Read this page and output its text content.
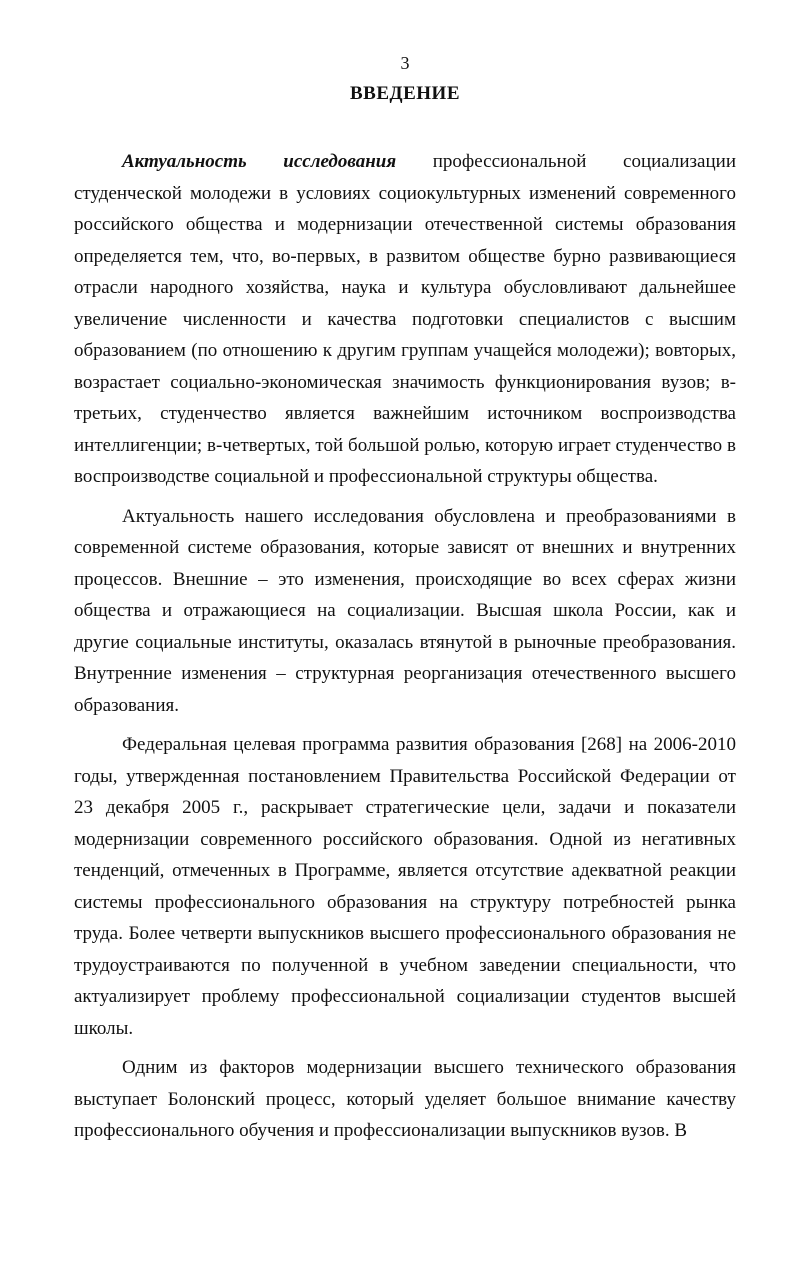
3
ВВЕДЕНИЕ

Актуальность исследования профессиональной социализации студенческой молодежи в условиях социокультурных изменений современного российского общества и модернизации отечественной системы образования определяется тем, что, во-первых, в развитом обществе бурно развивающиеся отрасли народного хозяйства, наука и культура обусловливают дальнейшее увеличение численности и качества подготовки специалистов с высшим образованием (по отношению к другим группам учащейся молодежи); вовторых, возрастает социально-экономическая значимость функционирования вузов; в-третьих, студенчество является важнейшим источником воспроизводства интеллигенции; в-четвертых, той большой ролью, которую играет студенчество в воспроизводстве социальной и профессиональной структуры общества.

Актуальность нашего исследования обусловлена и преобразованиями в современной системе образования, которые зависят от внешних и внутренних процессов. Внешние – это изменения, происходящие во всех сферах жизни общества и отражающиеся на социализации. Высшая школа России, как и другие социальные институты, оказалась втянутой в рыночные преобразования. Внутренние изменения – структурная реорганизация отечественного высшего образования.

Федеральная целевая программа развития образования [268] на 2006-2010 годы, утвержденная постановлением Правительства Российской Федерации от 23 декабря 2005 г., раскрывает стратегические цели, задачи и показатели модернизации современного российского образования. Одной из негативных тенденций, отмеченных в Программе, является отсутствие адекватной реакции системы профессионального образования на структуру потребностей рынка труда. Более четверти выпускников высшего профессионального образования не трудоустраиваются по полученной в учебном заведении специальности, что актуализирует проблему профессиональной социализации студентов высшей школы.

Одним из факторов модернизации высшего технического образования выступает Болонский процесс, который уделяет большое внимание качеству профессионального обучения и профессионализации выпускников вузов. В
